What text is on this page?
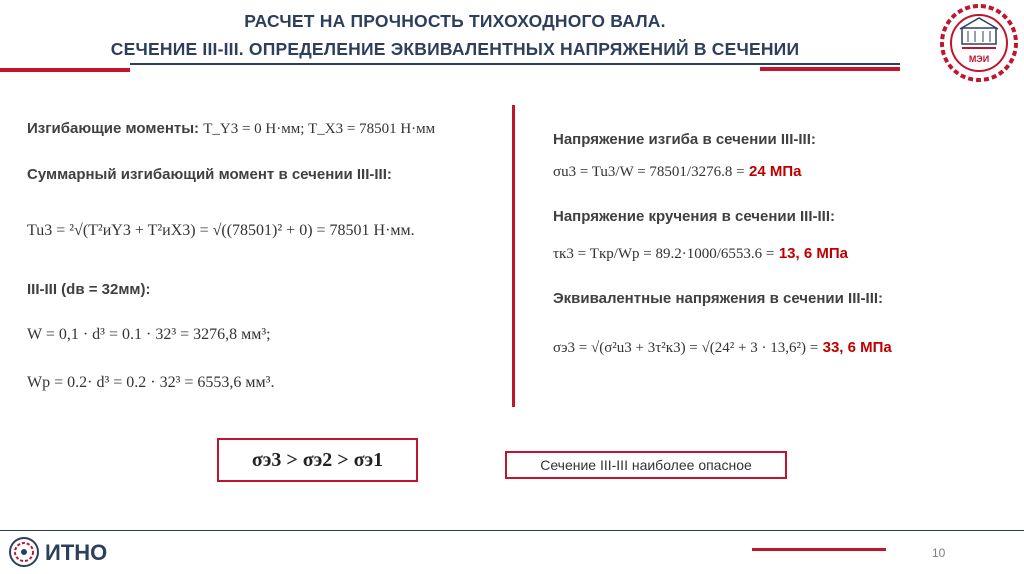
РАСЧЕТ НА ПРОЧНОСТЬ ТИХОХОДНОГО ВАЛА.
СЕЧЕНИЕ III-III. ОПРЕДЕЛЕНИЕ ЭКВИВАЛЕНТНЫХ НАПРЯЖЕНИЙ В СЕЧЕНИИ	МЭИ
Изгибающие моменты: T_Y3 = 0 Н·мм; T_X3 = 78501 Н·мм
Суммарный изгибающий момент в сечении III-III:
Tu3 = ²√(T²иY3 + T²иX3) = √((78501)² + 0) = 78501 Н·мм.
III-III (dв = 32мм):
W = 0,1 · d³ = 0.1 · 32³ = 3276,8 мм³;
Wp = 0.2· d³ = 0.2 · 32³ = 6553,6 мм³.
Напряжение изгиба в сечении III-III:
σu3 = Tu3/W = 78501/3276.8 = 24 МПа
Напряжение кручения в сечении III-III:
τк3 = Tкр/Wp = 89.2·1000/6553.6 = 13, 6 МПа
Эквивалентные напряжения в сечении III-III:
σэ3 = √(σ²u3 + 3τ²к3) = √(24² + 3 · 13,6²) = 33, 6 МПа
σэ3 > σэ2 > σэ1	Сечение III-III наиболее опасное
ИТНО	10
